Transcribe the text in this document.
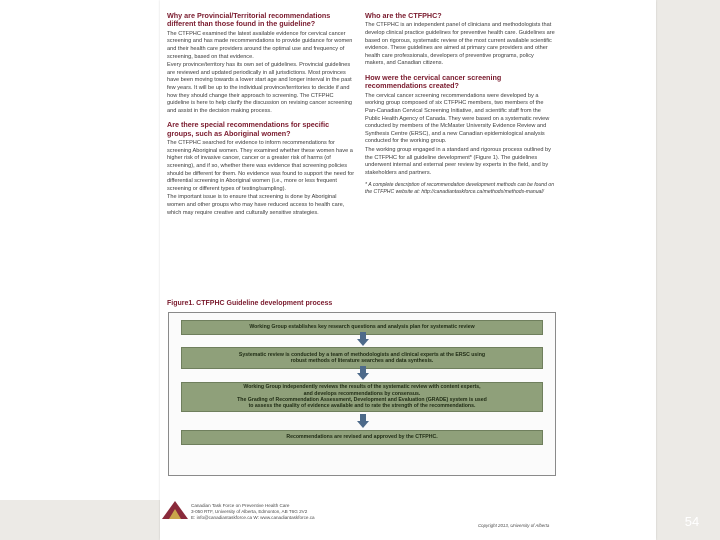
Why are Provincial/Territorial recommendations different than those found in the guideline?

The CTFPHC examined the latest available evidence for cervical cancer screening and has made recommendations to provide guidance for women and their health care providers around the optimal use and frequency of screening, based on that evidence.

Every province/territory has its own set of guidelines. Provincial guidelines are reviewed and updated periodically in all jurisdictions. Most provinces have been moving towards a lower start age and longer interval in the past few years. It will be up to the individual province/territories to decide if and how they should change their approach to screening. The CTFPHC guideline is here to help clarify the discussion on revising cancer screening and assist in the decision making process.

Are there special recommendations for specific groups, such as Aboriginal women?

The CTFPHC searched for evidence to inform recommendations for screening Aboriginal women. They examined whether these women have a higher risk of invasive cancer, cancer or a greater risk of harms (of screening), and if so, whether there was evidence that screening policies should be different for them. No evidence was found to support the need for differential screening in Aboriginal women (i.e., more or less frequent screening or different types of testing/sampling).

The important issue is to ensure that screening is done by Aboriginal women and other groups who may have reduced access to health care, which may require creative and culturally sensitive strategies.

Who are the CTFPHC?

The CTFPHC is an independent panel of clinicians and methodologists that develop clinical practice guidelines for preventive health care. Guidelines are based on rigorous, systematic review of the most current available scientific evidence. These guidelines are aimed at primary care providers and other health care professionals, developers of preventive programs, policy makers, and Canadian citizens.

How were the cervical cancer screening recommendations created?

The cervical cancer screening recommendations were developed by a working group composed of six CTFPHC members, two members of the Pan-Canadian Cervical Screening Initiative, and scientific staff from the Public Health Agency of Canada. They were based on a systematic review conducted by members of the McMaster University Evidence Review and Synthesis Centre (ERSC), and a new Canadian epidemiological analysis conducted for the working group.

The working group engaged in a standard and rigorous process outlined by the CTFPHC for all guideline development* (Figure 1). The guidelines underwent internal and external peer review by experts in the field, and by stakeholders and partners.

* A complete description of recommendation development methods can be found on the CTFPHC website at: http://canadiantaskforce.ca/methods/methods-manual/

Figure1. CTFPHC Guideline development process
Working Group establishes key research questions and analysis plan for systematic review
Systematic review is conducted by a team of methodologists and clinical experts at the ERSC using
robust methods of literature searches and data synthesis.
Working Group independently reviews the results of the systematic review with content experts,
and develops recommendations by consensus.
The Grading of Recommendation Assessment, Development and Evaluation (GRADE) system is used
to assess the quality of evidence available and to rate the strength of the recommendations.
Recommendations are revised and approved by the CTFPHC.
Canadian Task Force on Preventive Health Care
3-050 RTF, University of Alberta, Edmonton, AB T6G 2V2
E: info@canadiantaskforce.ca W: www.canadiantaskforce.ca
Copyright 2013, University of Alberta	54
